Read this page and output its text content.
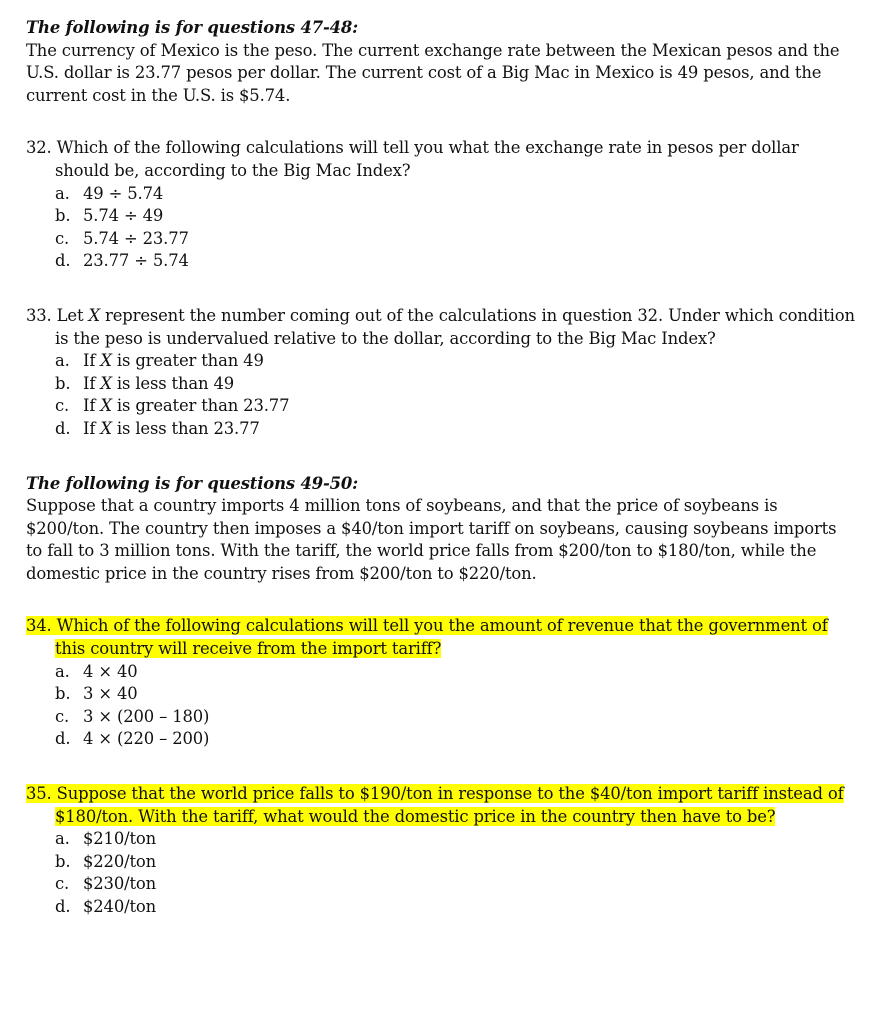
The following is for questions 47-48:

The currency of Mexico is the peso. The current exchange rate between the Mexican pesos and the U.S. dollar is 23.77 pesos per dollar. The current cost of a Big Mac in Mexico is 49 pesos, and the current cost in the U.S. is $5.74.

32. Which of the following calculations will tell you what the exchange rate in pesos per dollar should be, according to the Big Mac Index?

a. 49 ÷ 5.74
b. 5.74 ÷ 49
c. 5.74 ÷ 23.77
d. 23.77 ÷ 5.74

33. Let X represent the number coming out of the calculations in question 32. Under which condition is the peso is undervalued relative to the dollar, according to the Big Mac Index?

a. If X is greater than 49
b. If X is less than 49
c. If X is greater than 23.77
d. If X is less than 23.77

The following is for questions 49-50:

Suppose that a country imports 4 million tons of soybeans, and that the price of soybeans is $200/ton. The country then imposes a $40/ton import tariff on soybeans, causing soybeans imports to fall to 3 million tons. With the tariff, the world price falls from $200/ton to $180/ton, while the domestic price in the country rises from $200/ton to $220/ton.

34. Which of the following calculations will tell you the amount of revenue that the government of this country will receive from the import tariff?

a. 4 × 40
b. 3 × 40
c. 3 × (200 – 180)
d. 4 × (220 – 200)

35. Suppose that the world price falls to $190/ton in response to the $40/ton import tariff instead of $180/ton. With the tariff, what would the domestic price in the country then have to be?

a. $210/ton
b. $220/ton
c. $230/ton
d. $240/ton
